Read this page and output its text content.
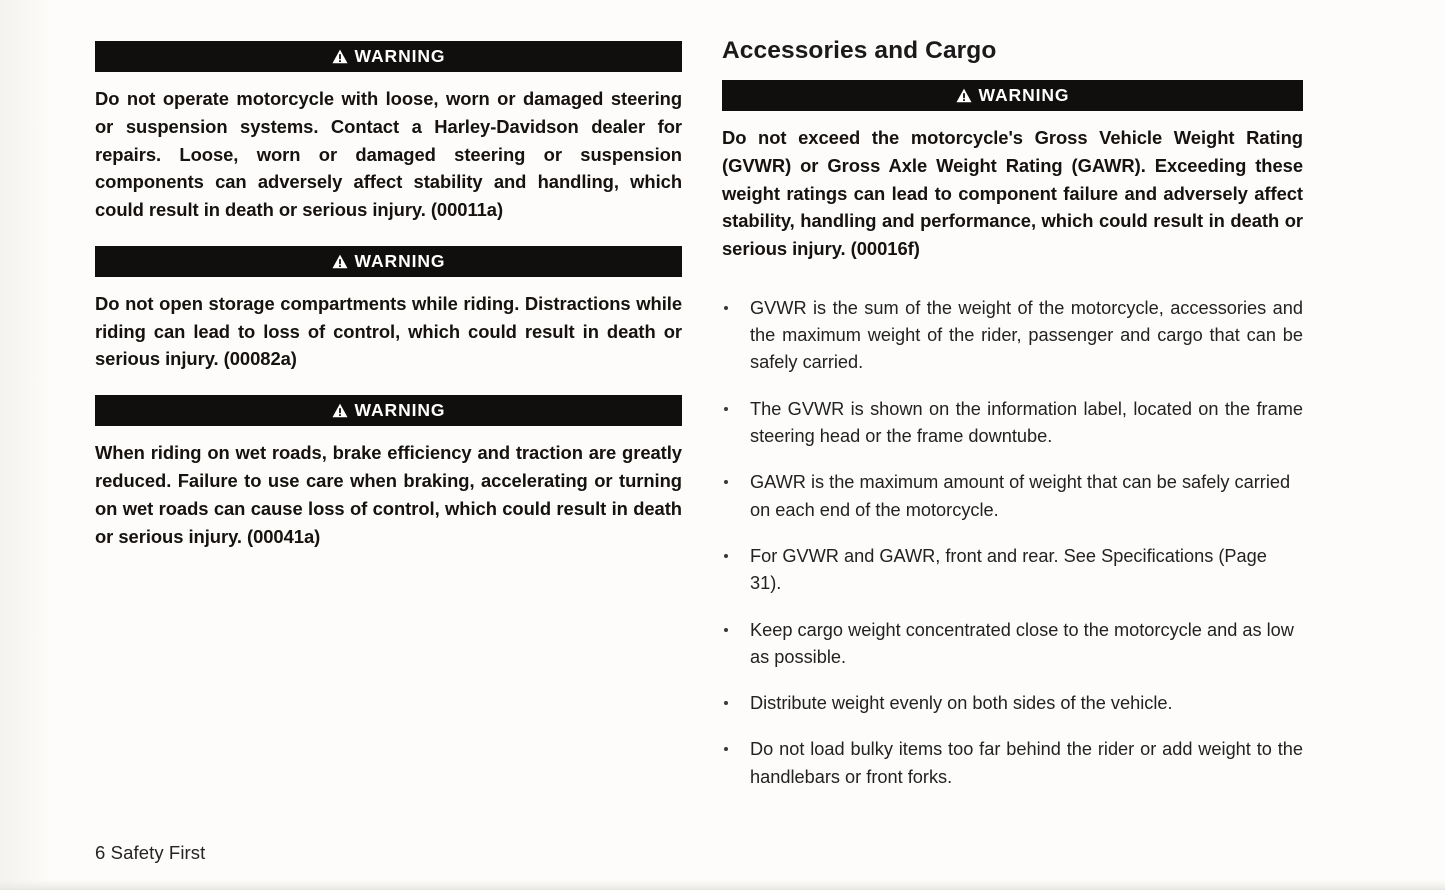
WARNING

Do not operate motorcycle with loose, worn or damaged steering or suspension systems. Contact a Harley-Davidson dealer for repairs. Loose, worn or damaged steering or suspension components can adversely affect stability and handling, which could result in death or serious injury. (00011a)

WARNING

Do not open storage compartments while riding. Distractions while riding can lead to loss of control, which could result in death or serious injury. (00082a)

WARNING

When riding on wet roads, brake efficiency and traction are greatly reduced. Failure to use care when braking, accelerating or turning on wet roads can cause loss of control, which could result in death or serious injury. (00041a)

Accessories and Cargo
WARNING

Do not exceed the motorcycle's Gross Vehicle Weight Rating (GVWR) or Gross Axle Weight Rating (GAWR). Exceeding these weight ratings can lead to component failure and adversely affect stability, handling and performance, which could result in death or serious injury. (00016f)

GVWR is the sum of the weight of the motorcycle, accessories and the maximum weight of the rider, passenger and cargo that can be safely carried.
The GVWR is shown on the information label, located on the frame steering head or the frame downtube.
GAWR is the maximum amount of weight that can be safely carried on each end of the motorcycle.
For GVWR and GAWR, front and rear. See Specifications (Page 31).
Keep cargo weight concentrated close to the motorcycle and as low as possible.
Distribute weight evenly on both sides of the vehicle.
Do not load bulky items too far behind the rider or add weight to the handlebars or front forks.
6 Safety First
